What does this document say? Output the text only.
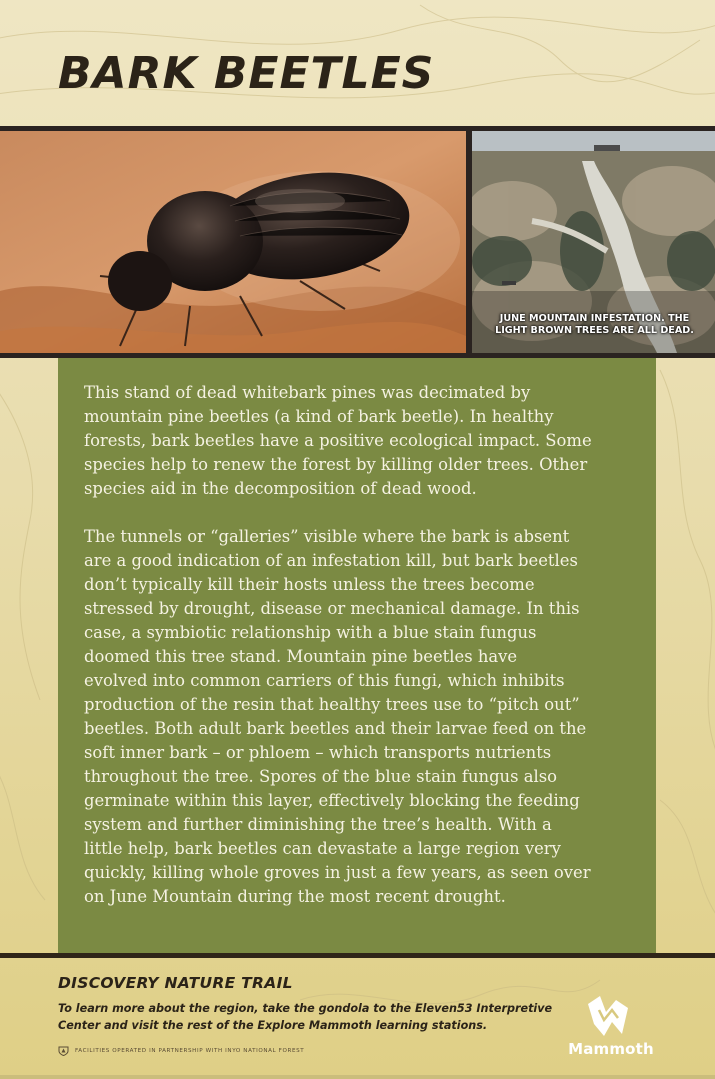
BARK BEETLES
JUNE MOUNTAIN INFESTATION. THE
LIGHT BROWN TREES ARE ALL DEAD.

This stand of dead whitebark pines was decimated by
mountain pine beetles (a kind of bark beetle). In healthy
forests, bark beetles have a positive ecological impact. Some
species help to renew the forest by killing older trees. Other
species aid in the decomposition of dead wood.

The tunnels or “galleries” visible where the bark is absent
are a good indication of an infestation kill, but bark beetles
don’t typically kill their hosts unless the trees become
stressed by drought, disease or mechanical damage. In this
case, a symbiotic relationship with a blue stain fungus
doomed this tree stand. Mountain pine beetles have
evolved into common carriers of this fungi, which inhibits
production of the resin that healthy trees use to “pitch out”
beetles. Both adult bark beetles and their larvae feed on the
soft inner bark – or phloem – which transports nutrients
throughout the tree. Spores of the blue stain fungus also
germinate within this layer, effectively blocking the feeding
system and further diminishing the tree’s health. With a
little help, bark beetles can devastate a large region very
quickly, killing whole groves in just a few years, as seen over
on June Mountain during the most recent drought.

DISCOVERY NATURE TRAIL

To learn more about the region, take the gondola to the Eleven53 Interpretive
Center and visit the rest of the Explore Mammoth learning stations.

FACILITIES OPERATED IN PARTNERSHIP WITH INYO NATIONAL FOREST	Mammoth
